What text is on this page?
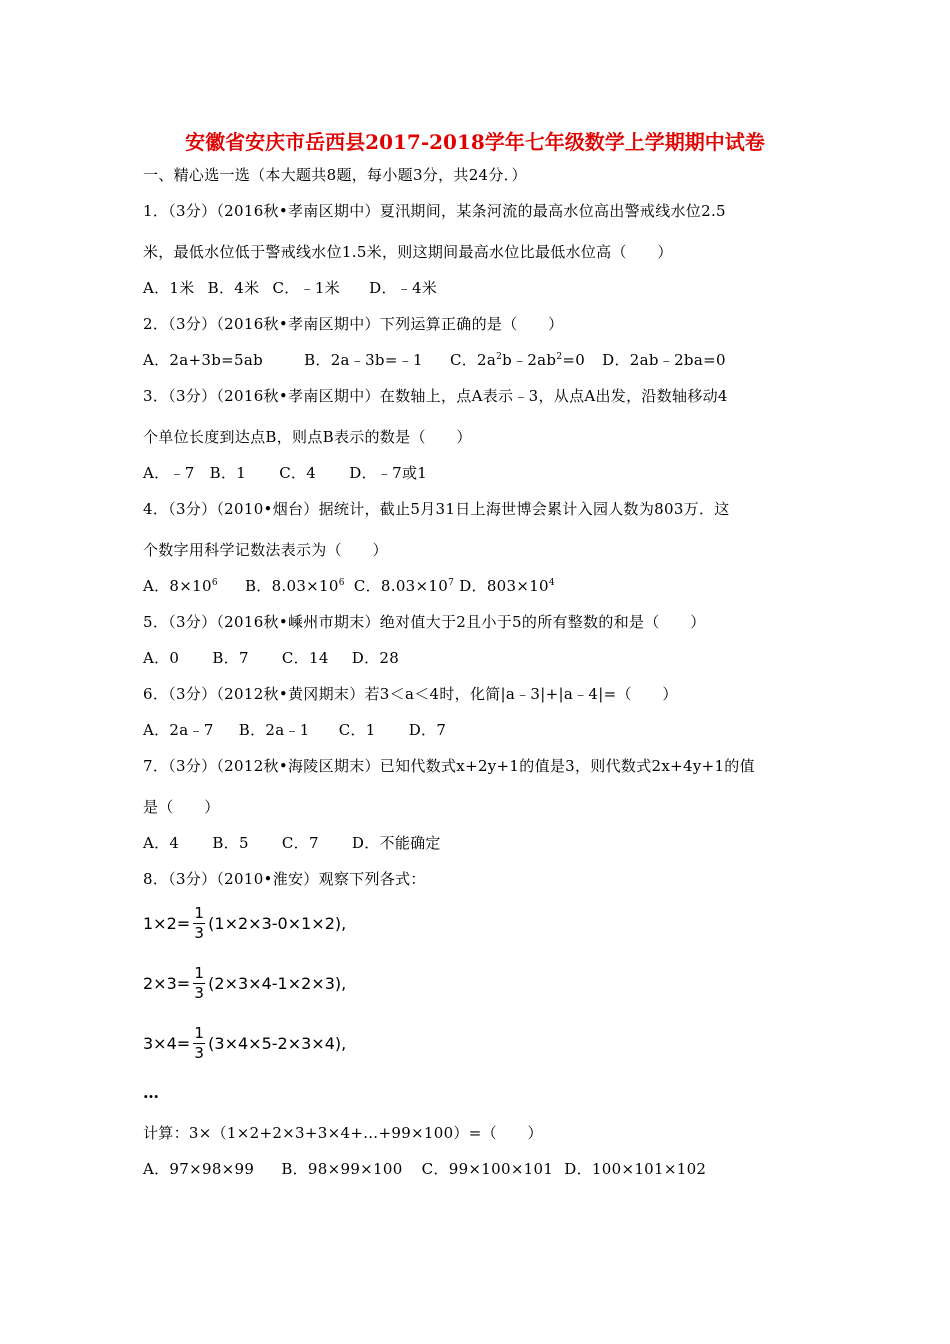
安徽省安庆市岳西县2017-2018学年七年级数学上学期期中试卷
一、精心选一选（本大题共8题，每小题3分，共24分．）
1．（3分）（2016秋•孝南区期中）夏汛期间，某条河流的最高水位高出警戒线水位2.5
米，最低水位低于警戒线水位1.5米，则这期间最高水位比最低水位高（　　）
A．1米 B．4米 C．﹣1米 D．﹣4米
2．（3分）（2016秋•孝南区期中）下列运算正确的是（　　）
A．2a+3b=5ab	B．2a﹣3b=﹣1 C．$2a^2b﹣2ab^2=0$ D．2ab﹣2ba=0
3．（3分）（2016秋•孝南区期中）在数轴上，点A表示﹣3，从点A出发，沿数轴移动4
个单位长度到达点B，则点B表示的数是（　　）
A．﹣7 B．1 C．4 D．﹣7或1
4．（3分）（2010•烟台）据统计，截止5月31日上海世博会累计入园人数为803万．这
个数字用科学记数法表示为（　　）
A．$8\times 10^6$ B．$8.03\times 10^6$ C．$8.03\times 10^7$ D．$803\times 10^4$
5．（3分）（2016秋•嵊州市期末）绝对值大于2且小于5的所有整数的和是（　　）
A．0 B．7 C．14 D．28
6．（3分）（2012秋•黄冈期末）若3＜a＜4时，化简|a﹣3|+|a﹣4|=（　　）
A．2a﹣7 B．2a﹣1 C．1 D．7
7．（3分）（2012秋•海陵区期末）已知代数式x+2y+1的值是3，则代数式2x+4y+1的值
是（　　）
A．4 B．5 C．7 D．不能确定
8．（3分）（2010•淮安）观察下列各式：
$1\times 2= \frac{1}{3} (1\times 2\times 3-0\times 1\times 2)$,
$2\times 3= \frac{1}{3} (2\times 3\times 4-1\times 2\times 3)$,
$3\times 4= \frac{1}{3} (3\times 4\times 5-2\times 3\times 4)$,
…
计算：3×（1×2+2×3+3×4+…+99×100）=（　　）
A．97×98×99 B．98×99×100 C．99×100×101 D．100×101×102
